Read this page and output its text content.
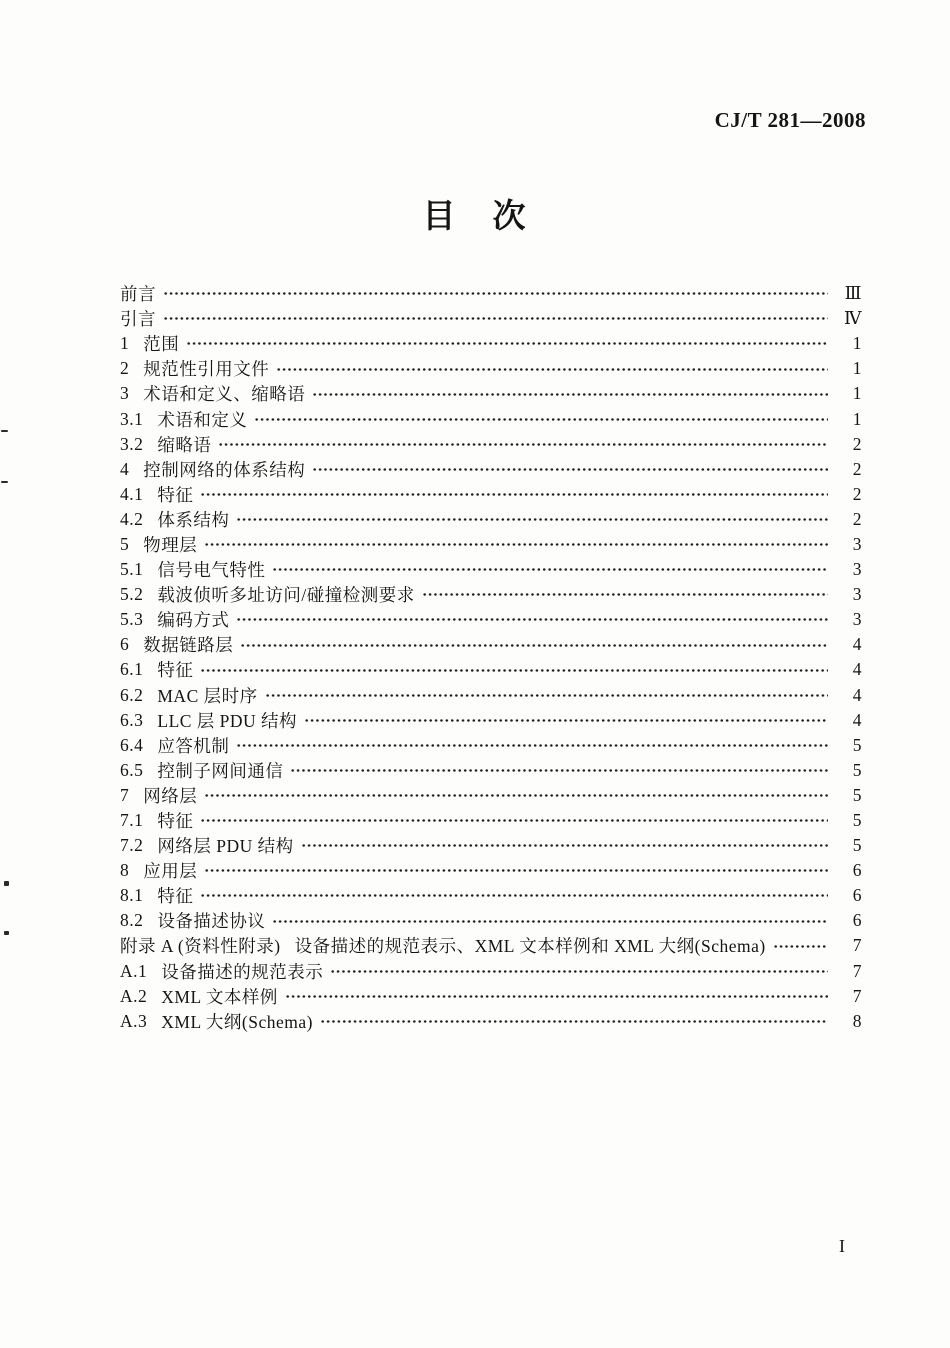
CJ/T 281—2008
目　次
前言	Ⅲ
引言	Ⅳ
1 范围	1
2 规范性引用文件	1
3 术语和定义、缩略语	1
3.1 术语和定义	1
3.2 缩略语	2
4 控制网络的体系结构	2
4.1 特征	2
4.2 体系结构	2
5 物理层	3
5.1 信号电气特性	3
5.2 载波侦听多址访问/碰撞检测要求	3
5.3 编码方式	3
6 数据链路层	4
6.1 特征	4
6.2 MAC 层时序	4
6.3 LLC 层 PDU 结构	4
6.4 应答机制	5
6.5 控制子网间通信	5
7 网络层	5
7.1 特征	5
7.2 网络层 PDU 结构	5
8 应用层	6
8.1 特征	6
8.2 设备描述协议	6
附录 A (资料性附录) 设备描述的规范表示、XML 文本样例和 XML 大纲(Schema)	7
A.1 设备描述的规范表示	7
A.2 XML 文本样例	7
A.3 XML 大纲(Schema)	8
I
